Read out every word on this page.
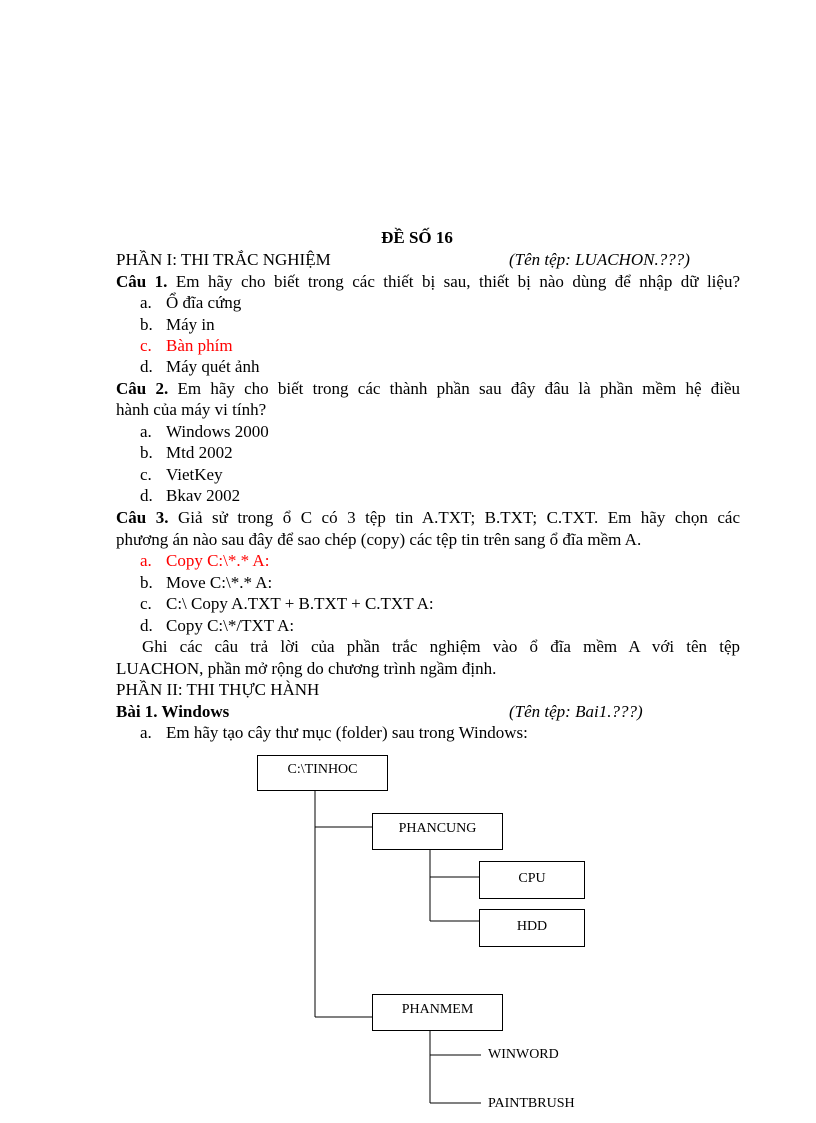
ĐỀ SỐ 16
PHẦN I: THI TRẮC NGHIỆM	(Tên tệp: LUACHON.???)
Câu 1. Em hãy cho biết trong các thiết bị sau, thiết bị nào dùng để nhập dữ liệu?
a. Ổ đĩa cứng
b. Máy in
c. Bàn phím
d. Máy quét ảnh
Câu 2. Em hãy cho biết trong các thành phần sau đây đâu là phần mềm hệ điều
hành của máy vi tính?
a. Windows 2000
b. Mtd 2002
c. VietKey
d. Bkav 2002
Câu 3. Giả sử trong ổ C có 3 tệp tin A.TXT; B.TXT; C.TXT. Em hãy chọn các
phương án nào sau đây để sao chép (copy) các tệp tin trên sang ổ đĩa mềm A.
a. Copy C:\*.* A:
b. Move C:\*.* A:
c. C:\ Copy A.TXT + B.TXT + C.TXT A:
d. Copy C:\*/TXT A:
Ghi các câu trả lời của phần trắc nghiệm vào ổ đĩa mềm A với tên tệp
LUACHON, phần mở rộng do chương trình ngầm định.
PHẦN II: THI THỰC HÀNH
Bài 1. Windows	(Tên tệp: Bai1.???)
a. Em hãy tạo cây thư mục (folder) sau trong Windows:
C:\TINHOC
PHANCUNG
CPU
HDD
PHANMEM
WINWORD
PAINTBRUSH
